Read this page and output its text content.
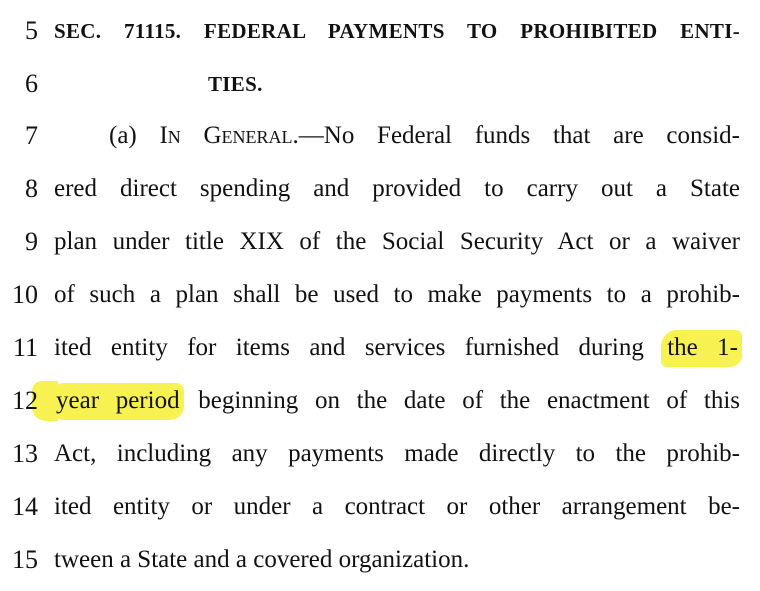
5 SEC. 71115. FEDERAL PAYMENTS TO PROHIBITED ENTI-
6	TIES.
7	(a) In General.—No Federal funds that are consid-
8 ered direct spending and provided to carry out a State
9 plan under title XIX of the Social Security Act or a waiver
10 of such a plan shall be used to make payments to a prohib-
11 ited entity for items and services furnished during the 1-
12 year period beginning on the date of the enactment of this
13 Act, including any payments made directly to the prohib-
14 ited entity or under a contract or other arrangement be-
15 tween a State and a covered organization.
